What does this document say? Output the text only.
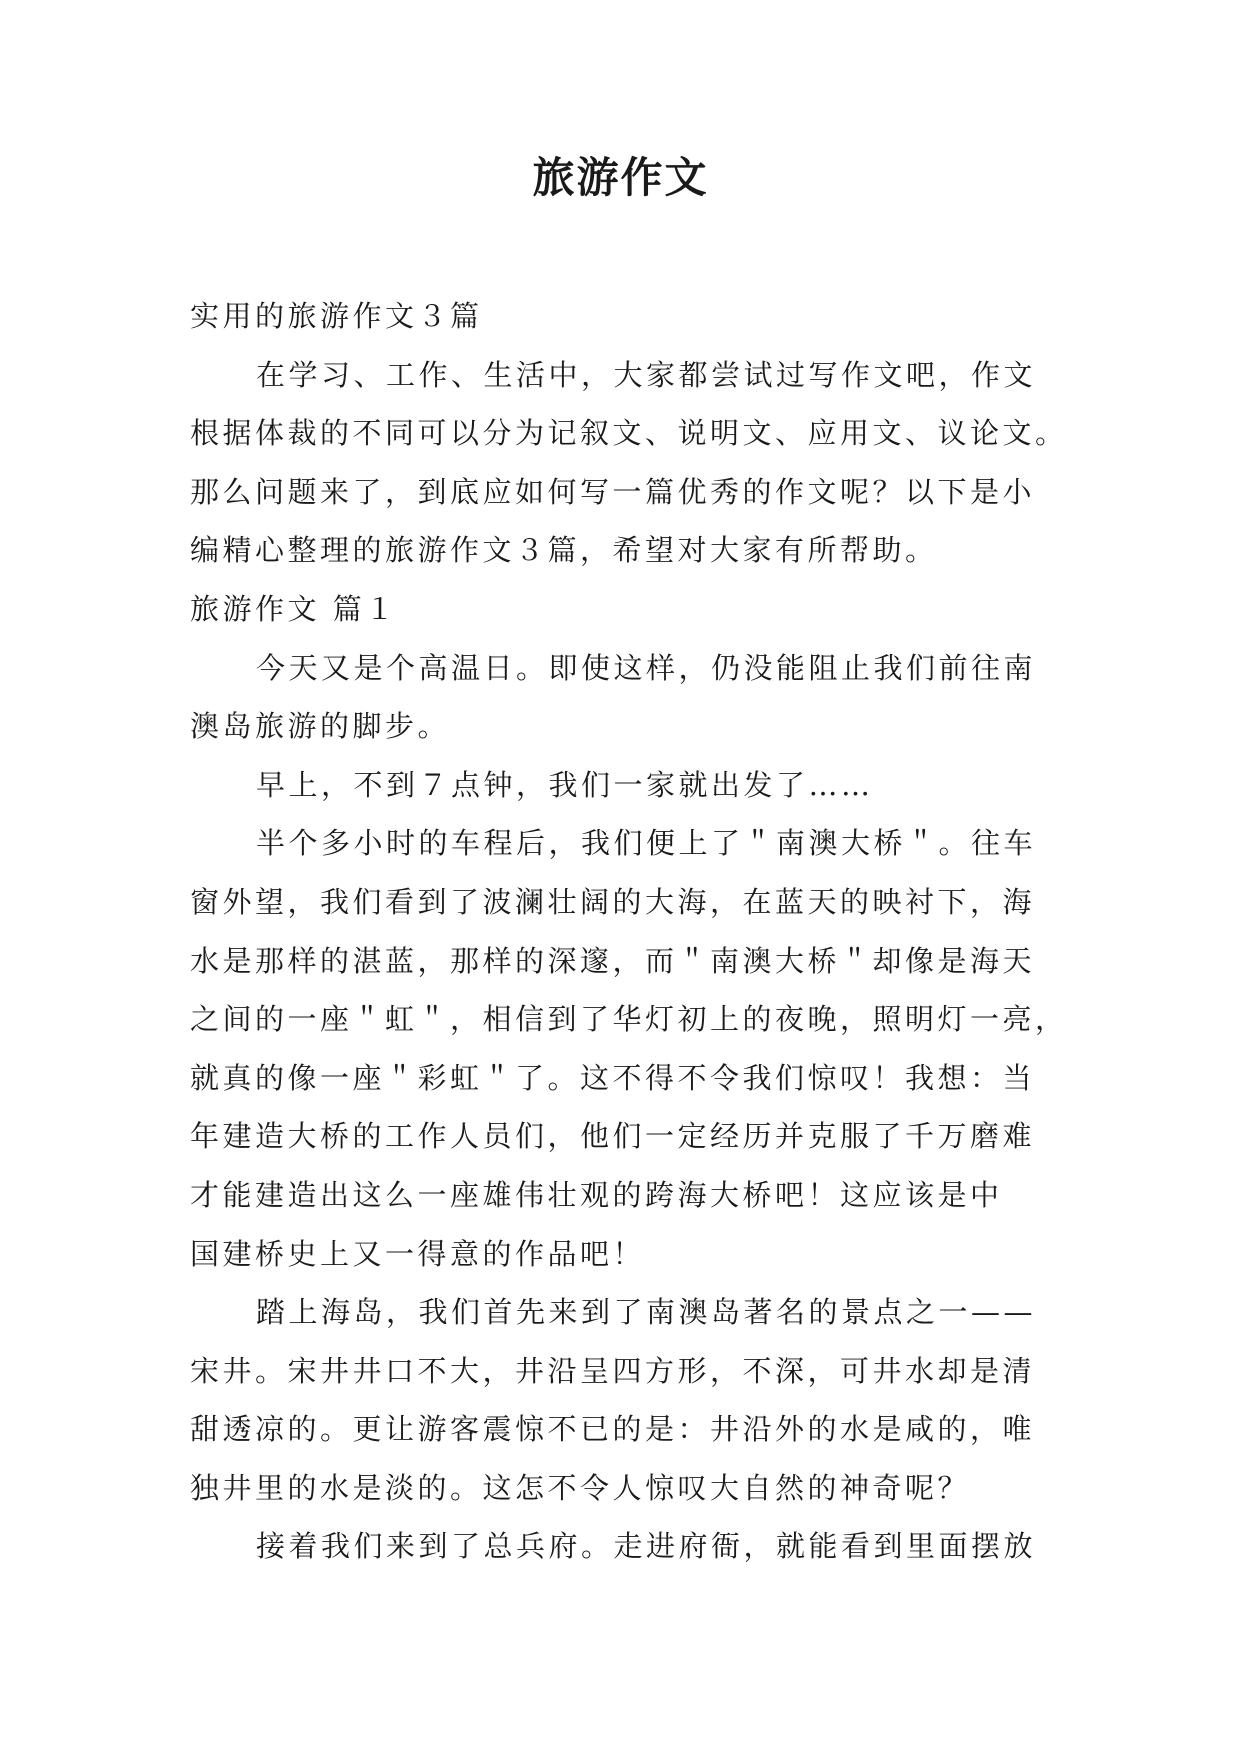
旅游作文
实用的旅游作文３篇
在学习、工作、生活中，大家都尝试过写作文吧，作文
根据体裁的不同可以分为记叙文、说明文、应用文、议论文。
那么问题来了，到底应如何写一篇优秀的作文呢？以下是小
编精心整理的旅游作文３篇，希望对大家有所帮助。
旅游作文 篇１
今天又是个高温日。即使这样，仍没能阻止我们前往南
澳岛旅游的脚步。
早上，不到７点钟，我们一家就出发了……
半个多小时的车程后，我们便上了＂南澳大桥＂。往车
窗外望，我们看到了波澜壮阔的大海，在蓝天的映衬下，海
水是那样的湛蓝，那样的深邃，而＂南澳大桥＂却像是海天
之间的一座＂虹＂，相信到了华灯初上的夜晚，照明灯一亮，
就真的像一座＂彩虹＂了。这不得不令我们惊叹！我想：当
年建造大桥的工作人员们，他们一定经历并克服了千万磨难
才能建造出这么一座雄伟壮观的跨海大桥吧！这应该是中
国建桥史上又一得意的作品吧！
踏上海岛，我们首先来到了南澳岛著名的景点之一——
宋井。宋井井口不大，井沿呈四方形，不深，可井水却是清
甜透凉的。更让游客震惊不已的是：井沿外的水是咸的，唯
独井里的水是淡的。这怎不令人惊叹大自然的神奇呢？
接着我们来到了总兵府。走进府衙，就能看到里面摆放
